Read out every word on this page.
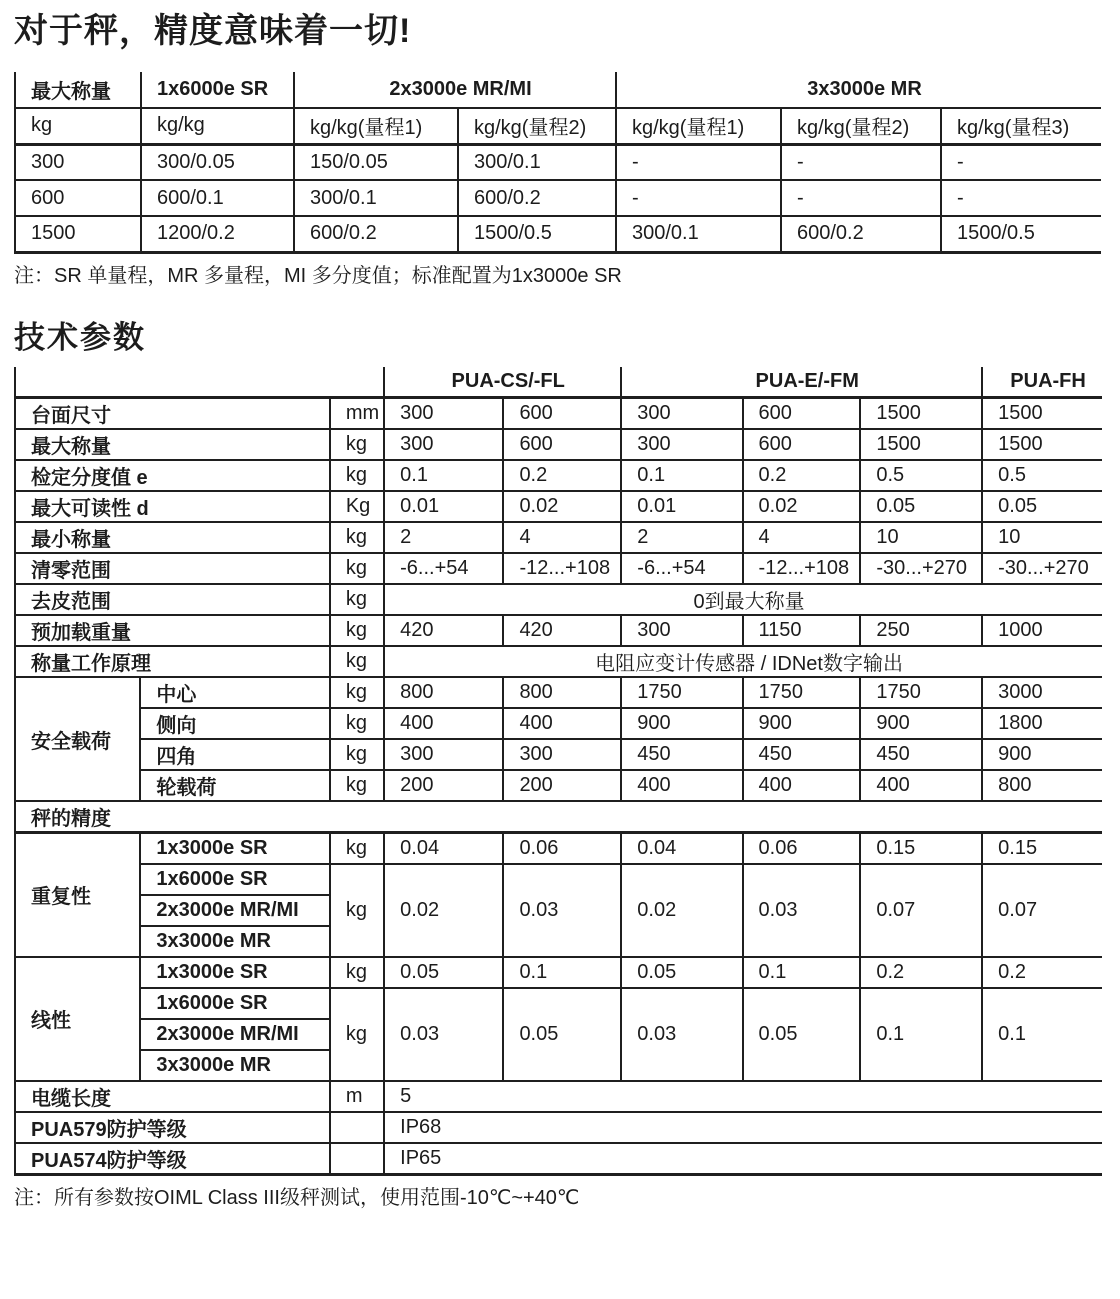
对于秤，精度意味着一切!
最大称量	1x6000e SR	2x3000e MR/MI		3x3000e MR		
kg	kg/kg	kg/kg(量程1)	kg/kg(量程2)	kg/kg(量程1)	kg/kg(量程2)	kg/kg(量程3)
300	300/0.05	150/0.05	300/0.1	-	-	-
600	600/0.1	300/0.1	600/0.2	-	-	-
1500	1200/0.2	600/0.2	1500/0.5	300/0.1	600/0.2	1500/0.5

注：SR 单量程，MR 多量程，MI 多分度值；标准配置为1x3000e SR

技术参数
			PUA-CS/-FL		PUA-E/-FM			PUA-FH
台面尺寸		mm	300	600	300	600	1500	1500
最大称量		kg	300	600	300	600	1500	1500
检定分度值 e		kg	0.1	0.2	0.1	0.2	0.5	0.5
最大可读性 d		Kg	0.01	0.02	0.01	0.02	0.05	0.05
最小称量		kg	2	4	2	4	10	10
清零范围		kg	-6...+54	-12...+108	-6...+54	-12...+108	-30...+270	-30...+270
去皮范围		kg	0到最大称量					
预加载重量		kg	420	420	300	1150	250	1000
称量工作原理		kg	电阻应变计传感器 / IDNet数字输出					
安全载荷	中心	kg	800	800	1750	1750	1750	3000
	侧向	kg	400	400	900	900	900	1800
	四角	kg	300	300	450	450	450	900
	轮载荷	kg	200	200	400	400	400	800
秤的精度								
重复性	1x3000e SR	kg	0.04	0.06	0.04	0.06	0.15	0.15
	1x6000e SR	kg	0.02	0.03	0.02	0.03	0.07	0.07
	2x3000e MR/MI							
	3x3000e MR							
线性	1x3000e SR	kg	0.05	0.1	0.05	0.1	0.2	0.2
	1x6000e SR	kg	0.03	0.05	0.03	0.05	0.1	0.1
	2x3000e MR/MI							
	3x3000e MR							
电缆长度		m	5					
PUA579防护等级			IP68					
PUA574防护等级			IP65					

注：所有参数按OIML Class III级秤测试，使用范围-10℃~+40℃
